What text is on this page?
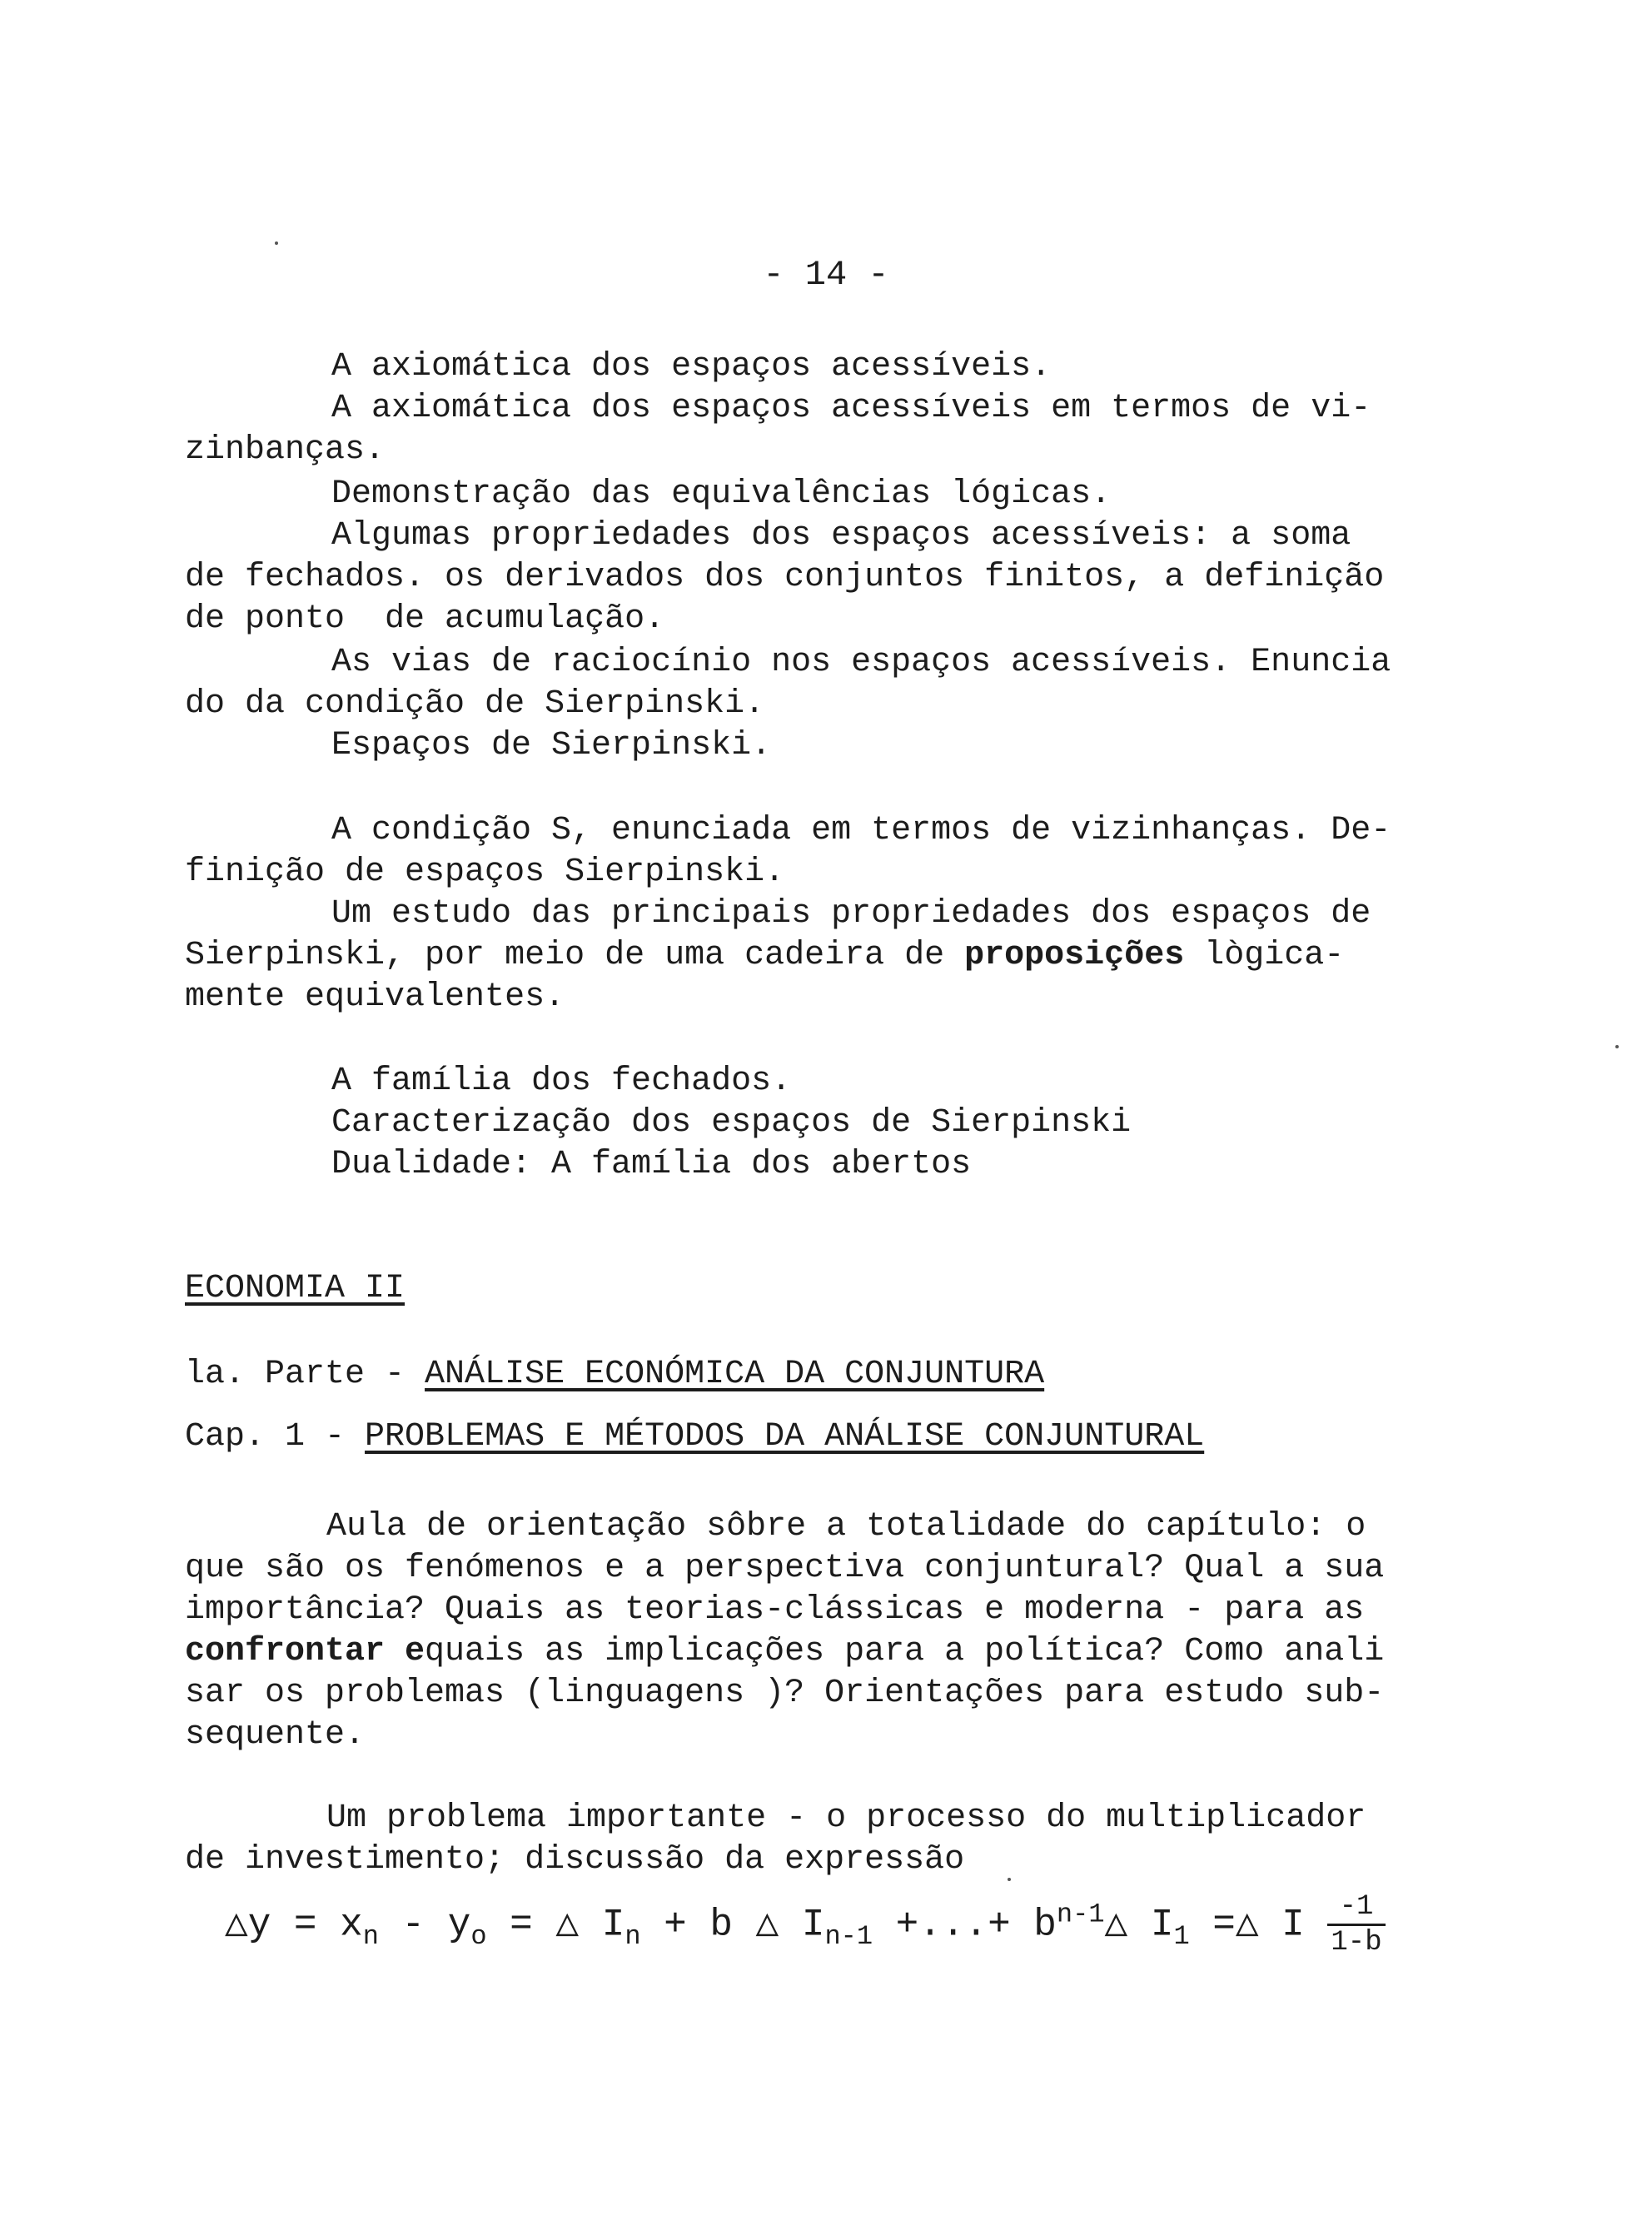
- 14 -
A axiomática dos espaços acessíveis.
A axiomática dos espaços acessíveis em termos de vi-
zinbanças.
Demonstração das equivalências lógicas.
Algumas propriedades dos espaços acessíveis: a soma
de fechados. os derivados dos conjuntos finitos, a definição
de ponto  de acumulação.
As vias de raciocínio nos espaços acessíveis. Enuncia
do da condição de Sierpinski.
Espaços de Sierpinski.
A condição S, enunciada em termos de vizinhanças. De-
finição de espaços Sierpinski.
Um estudo das principais propriedades dos espaços de
Sierpinski, por meio de uma cadeira de proposições lògica-
mente equivalentes.
A família dos fechados.
Caracterização dos espaços de Sierpinski
Dualidade: A família dos abertos
ECONOMIA II
la. Parte - ANÁLISE ECONÓMICA DA CONJUNTURA
Cap. 1 - PROBLEMAS E MÉTODOS DA ANÁLISE CONJUNTURAL
Aula de orientação sôbre a totalidade do capítulo: o
que são os fenómenos e a perspectiva conjuntural? Qual a sua
importância? Quais as teorias-clássicas e moderna - para as
confrontar equais as implicações para a política? Como anali
sar os problemas (linguagens )? Orientações para estudo sub-
sequente.
Um problema importante - o processo do multiplicador
de investimento; discussão da expressão
△y = $x_n - y_o$ = △ $I_n + b$ △ $I_{n-1}$ +...+ $b^{n-1}\triangle$ $I_1$ =△ I $\frac{-1}{1-b}$
